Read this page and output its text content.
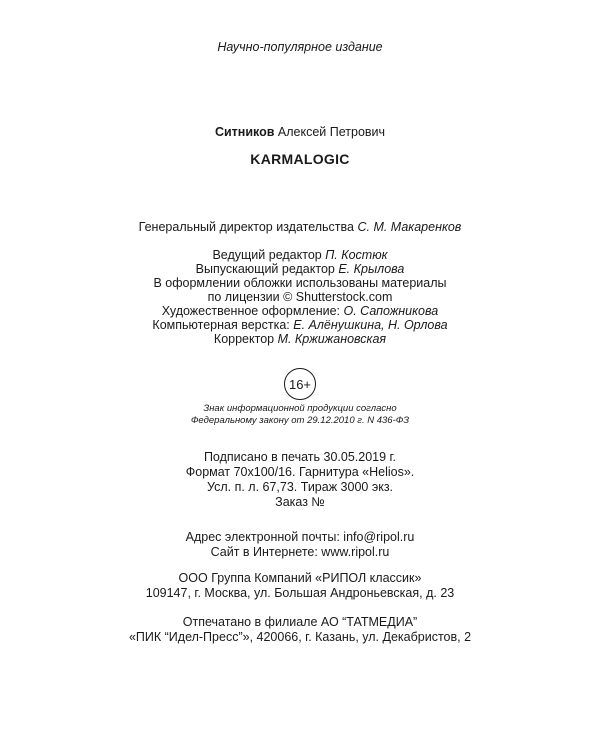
Научно-популярное издание
Ситников Алексей Петрович
KARMALOGIC
Генеральный директор издательства С. М. Макаренков
Ведущий редактор П. Костюк
Выпускающий редактор Е. Крылова
В оформлении обложки использованы материалы
по лицензии © Shutterstock.com
Художественное оформление: О. Сапожникова
Компьютерная верстка: Е. Алёнушкина, Н. Орлова
Корректор М. Кржижановская
16+
Знак информационной продукции согласно
Федеральному закону от 29.12.2010 г. N 436-ФЗ
Подписано в печать 30.05.2019 г.
Формат 70х100/16. Гарнитура «Helios».
Усл. п. л. 67,73. Тираж 3000 экз.
Заказ №
Адрес электронной почты: info@ripol.ru
Сайт в Интернете: www.ripol.ru
ООО Группа Компаний «РИПОЛ классик»
109147, г. Москва, ул. Большая Андроньевская, д. 23
Отпечатано в филиале АО “ТАТМЕДИА”
«ПИК “Идел-Пресс”», 420066, г. Казань, ул. Декабристов, 2
